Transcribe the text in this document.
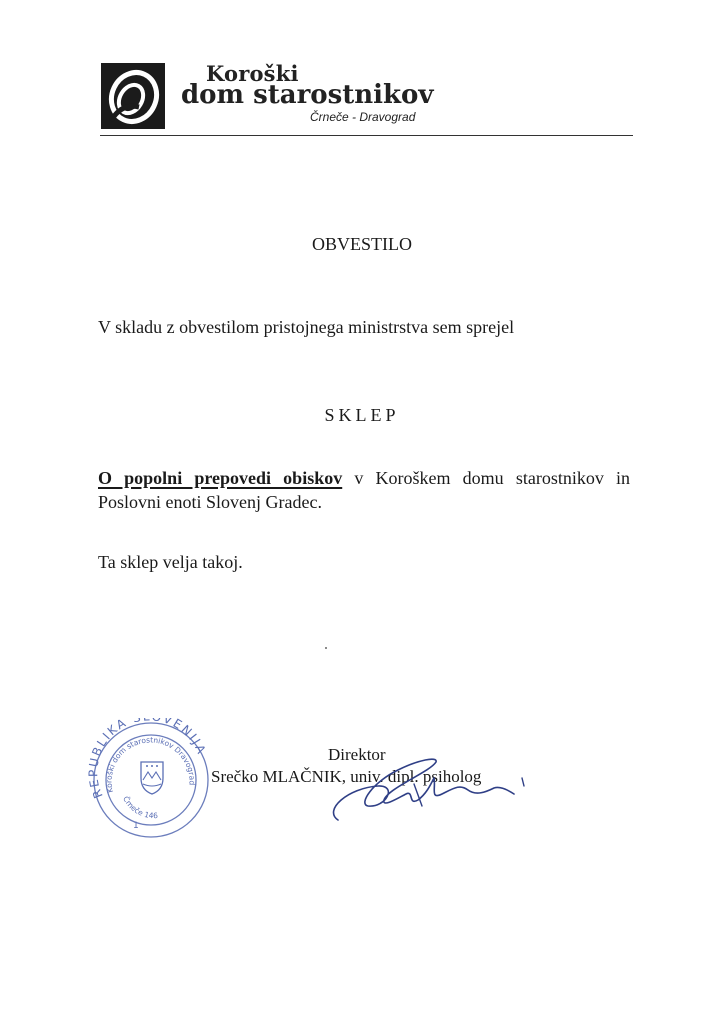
Koroški
dom starostnikov
Črneče - Dravograd
OBVESTILO
V skladu z obvestilom pristojnega ministrstva sem sprejel
SKLEP
O popolni prepovedi obiskov v Koroškem domu starostnikov in Poslovni enoti Slovenj Gradec.
Ta sklep velja takoj.
REPUBLIKA VENIJA
Koroški dom starostnikov Dravograd
Črneče 146
1
Direktor
Srečko MLAČNIK, univ. dipl. psiholog
